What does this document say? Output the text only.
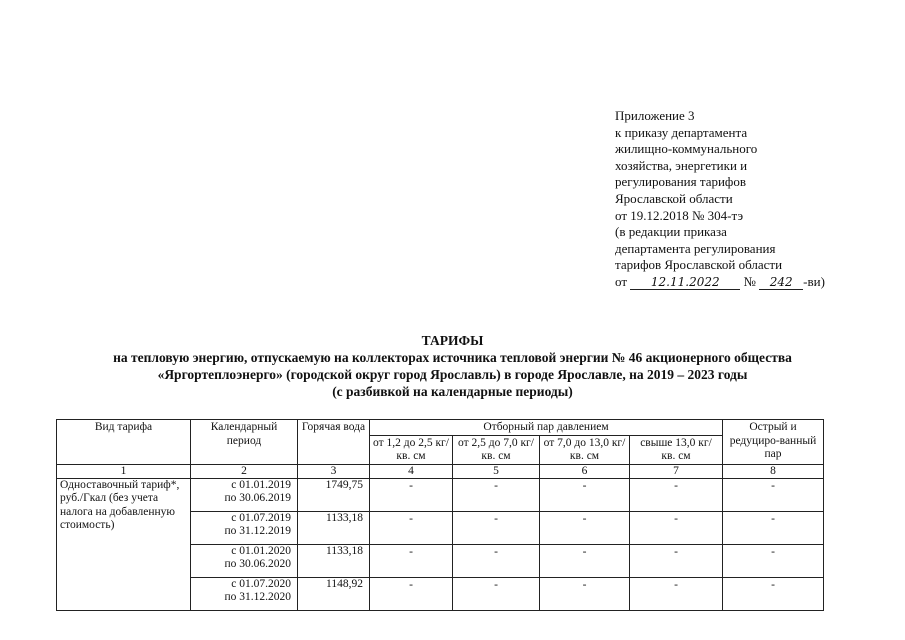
Приложение 3
к приказу департамента
жилищно-коммунального
хозяйства, энергетики и
регулирования тарифов
Ярославской области
от 19.12.2018 № 304-тэ
(в редакции приказа
департамента регулирования
тарифов Ярославской области
от 12.11.2022 № 242 -ви)
ТАРИФЫ
на тепловую энергию, отпускаемую на коллекторах источника тепловой энергии № 46 акционерного общества
«Яргортеплоэнерго» (городской округ город Ярославль) в городе Ярославле, на 2019 – 2023 годы
(с разбивкой на календарные периоды)
Вид тарифа	Календарный период	Горячая вода	Отборный пар давлением				Острый и редуциро-ванный пар
			от 1,2 до 2,5 кг/ кв. см	от 2,5 до 7,0 кг/ кв. см	от 7,0 до 13,0 кг/ кв. см	свыше 13,0 кг/ кв. см	
1	2	3	4	5	6	7	8
Одноставочный тариф*, руб./Гкал (без учета налога на добавленную стоимость)	с 01.01.2019
по 30.06.2019	1749,75	-	-	-	-	-

	с 01.07.2019
по 31.12.2019	1133,18	-	-	-	-	-

	с 01.01.2020
по 30.06.2020	1133,18	-	-	-	-	-

	с 01.07.2020
по 31.12.2020	1148,92	-	-	-	-	-
